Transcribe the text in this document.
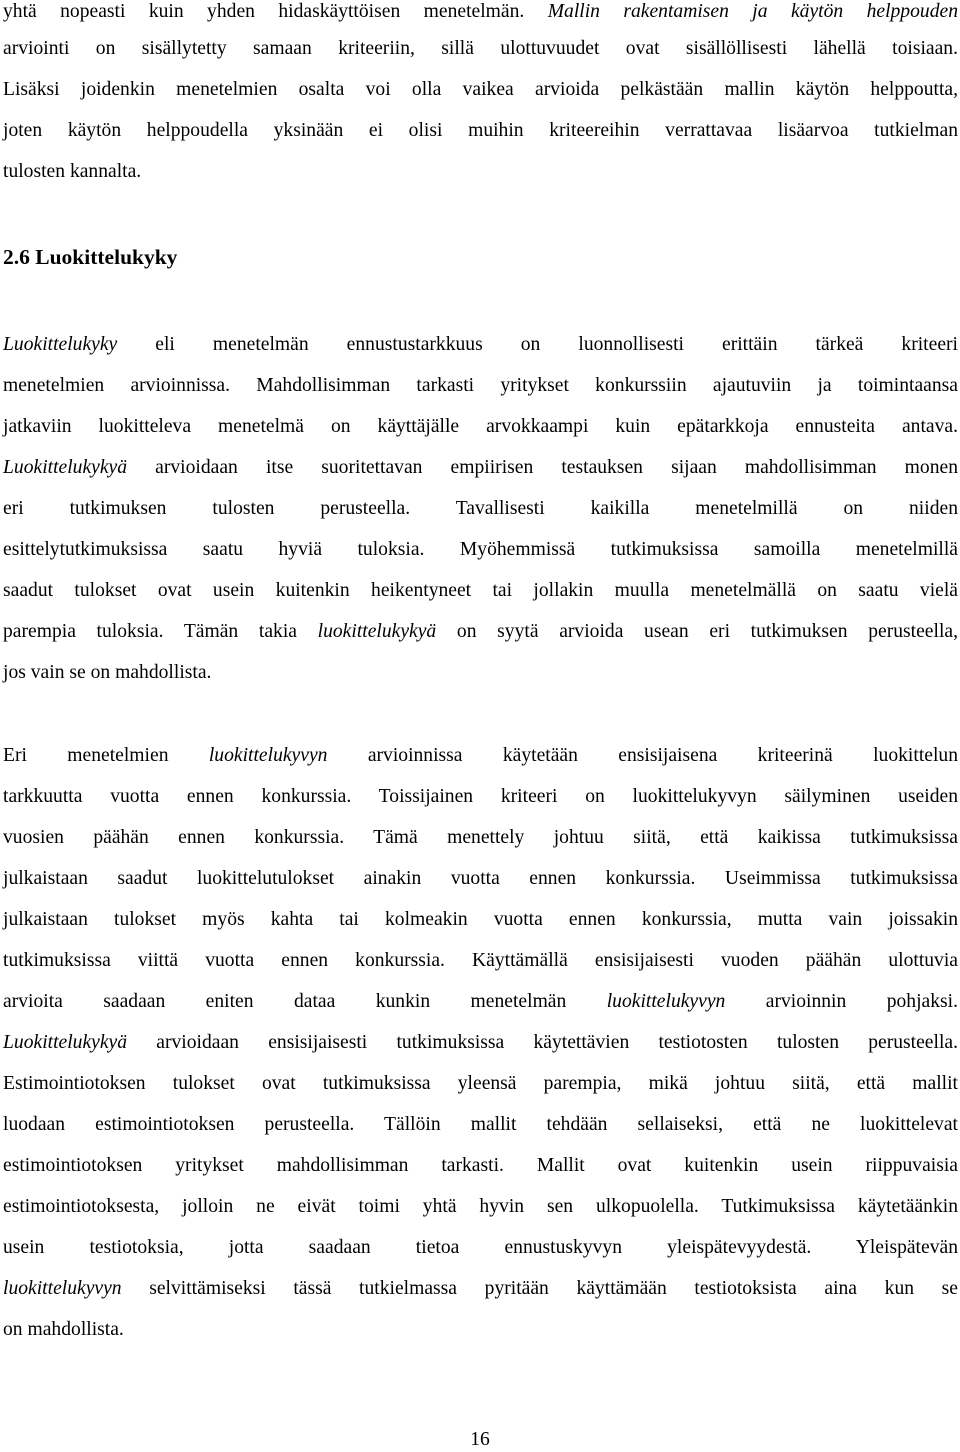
yhtä nopeasti kuin yhden hidaskäyttöisen menetelmän. Mallin rakentamisen ja käytön helppouden
arviointi on sisällytetty samaan kriteeriin, sillä ulottuvuudet ovat sisällöllisesti lähellä toisiaan.
Lisäksi joidenkin menetelmien osalta voi olla vaikea arvioida pelkästään mallin käytön helppoutta,
joten käytön helppoudella yksinään ei olisi muihin kriteereihin verrattavaa lisäarvoa tutkielman
tulosten kannalta.
2.6 Luokittelukyky
Luokittelukyky eli menetelmän ennustustarkkuus on luonnollisesti erittäin tärkeä kriteeri
menetelmien arvioinnissa. Mahdollisimman tarkasti yritykset konkurssiin ajautuviin ja toimintaansa
jatkaviin luokitteleva menetelmä on käyttäjälle arvokkaampi kuin epätarkkoja ennusteita antava.
Luokittelukykyä arvioidaan itse suoritettavan empiirisen testauksen sijaan mahdollisimman monen
eri tutkimuksen tulosten perusteella. Tavallisesti kaikilla menetelmillä on niiden
esittelytutkimuksissa saatu hyviä tuloksia. Myöhemmissä tutkimuksissa samoilla menetelmillä
saadut tulokset ovat usein kuitenkin heikentyneet tai jollakin muulla menetelmällä on saatu vielä
parempia tuloksia. Tämän takia luokittelukykyä on syytä arvioida usean eri tutkimuksen perusteella,
jos vain se on mahdollista.
Eri menetelmien luokittelukyvyn arvioinnissa käytetään ensisijaisena kriteerinä luokittelun
tarkkuutta vuotta ennen konkurssia. Toissijainen kriteeri on luokittelukyvyn säilyminen useiden
vuosien päähän ennen konkurssia. Tämä menettely johtuu siitä, että kaikissa tutkimuksissa
julkaistaan saadut luokittelutulokset ainakin vuotta ennen konkurssia. Useimmissa tutkimuksissa
julkaistaan tulokset myös kahta tai kolmeakin vuotta ennen konkurssia, mutta vain joissakin
tutkimuksissa viittä vuotta ennen konkurssia. Käyttämällä ensisijaisesti vuoden päähän ulottuvia
arvioita saadaan eniten dataa kunkin menetelmän luokittelukyvyn arvioinnin pohjaksi.
Luokittelukykyä arvioidaan ensisijaisesti tutkimuksissa käytettävien testiotosten tulosten perusteella.
Estimointiotoksen tulokset ovat tutkimuksissa yleensä parempia, mikä johtuu siitä, että mallit
luodaan estimointiotoksen perusteella. Tällöin mallit tehdään sellaiseksi, että ne luokittelevat
estimointiotoksen yritykset mahdollisimman tarkasti. Mallit ovat kuitenkin usein riippuvaisia
estimointiotoksesta, jolloin ne eivät toimi yhtä hyvin sen ulkopuolella. Tutkimuksissa käytetäänkin
usein testiotoksia, jotta saadaan tietoa ennustuskyvyn yleispätevyydestä. Yleispätevän
luokittelukyvyn selvittämiseksi tässä tutkielmassa pyritään käyttämään testiotoksista aina kun se
on mahdollista.
16
